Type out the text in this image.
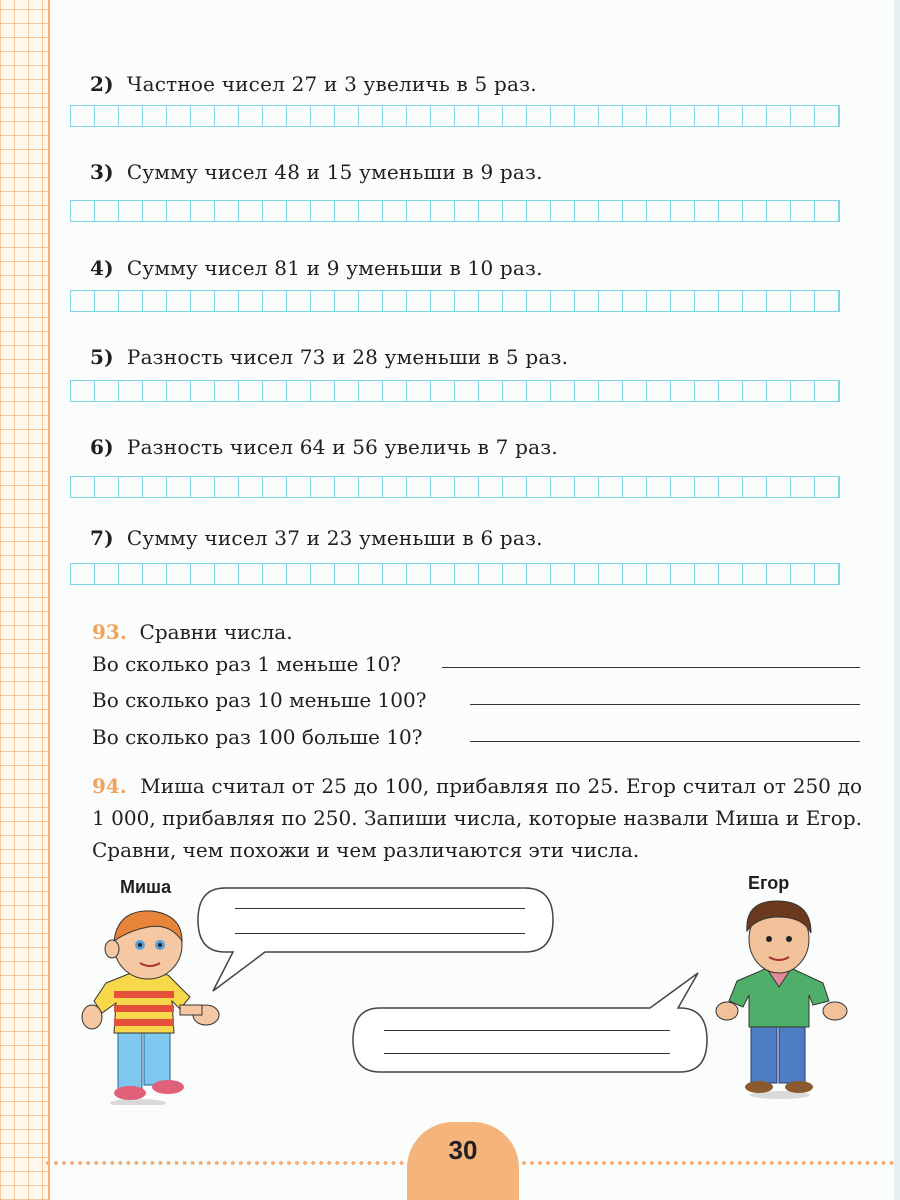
2) Частное чисел 27 и 3 увеличь в 5 раз.
3) Сумму чисел 48 и 15 уменьши в 9 раз.
4) Сумму чисел 81 и 9 уменьши в 10 раз.
5) Разность чисел 73 и 28 уменьши в 5 раз.
6) Разность чисел 64 и 56 увеличь в 7 раз.
7) Сумму чисел 37 и 23 уменьши в 6 раз.
93. Сравни числа.
Во сколько раз 1 меньше 10?
Во сколько раз 10 меньше 100?
Во сколько раз 100 больше 10?
94. Миша считал от 25 до 100, прибавляя по 25. Егор считал от 250 до 1 000, прибавляя по 250. Запиши числа, которые назвали Миша и Егор. Сравни, чем похожи и чем различаются эти числа.
Миша	Егор
30
